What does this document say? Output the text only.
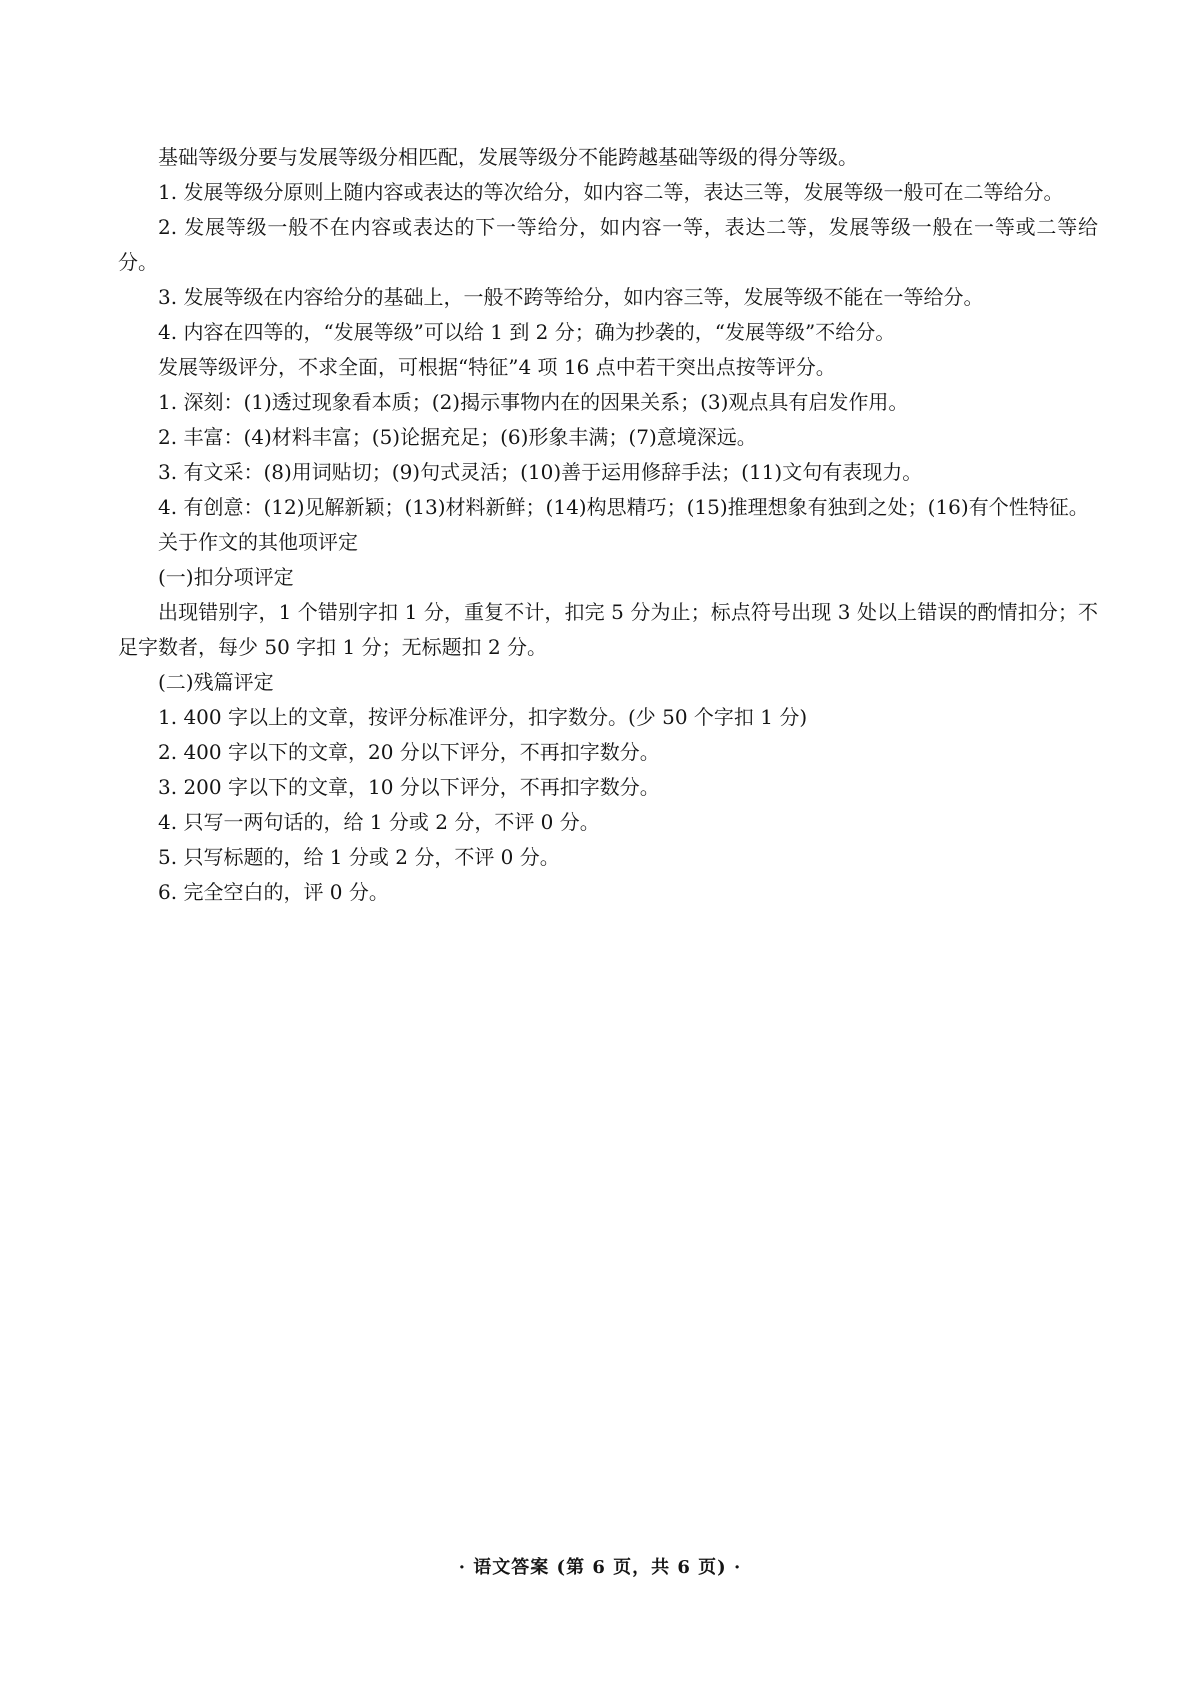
基础等级分要与发展等级分相匹配，发展等级分不能跨越基础等级的得分等级。

1. 发展等级分原则上随内容或表达的等次给分，如内容二等，表达三等，发展等级一般可在二等给分。

2. 发展等级一般不在内容或表达的下一等给分，如内容一等，表达二等，发展等级一般在一等或二等给分。

3. 发展等级在内容给分的基础上，一般不跨等给分，如内容三等，发展等级不能在一等给分。

4. 内容在四等的，“发展等级”可以给 1 到 2 分；确为抄袭的，“发展等级”不给分。

发展等级评分，不求全面，可根据“特征”4 项 16 点中若干突出点按等评分。

1. 深刻：(1)透过现象看本质；(2)揭示事物内在的因果关系；(3)观点具有启发作用。

2. 丰富：(4)材料丰富；(5)论据充足；(6)形象丰满；(7)意境深远。

3. 有文采：(8)用词贴切；(9)句式灵活；(10)善于运用修辞手法；(11)文句有表现力。

4. 有创意：(12)见解新颖；(13)材料新鲜；(14)构思精巧；(15)推理想象有独到之处；(16)有个性特征。

关于作文的其他项评定

(一)扣分项评定

出现错别字，1 个错别字扣 1 分，重复不计，扣完 5 分为止；标点符号出现 3 处以上错误的酌情扣分；不足字数者，每少 50 字扣 1 分；无标题扣 2 分。

(二)残篇评定

1. 400 字以上的文章，按评分标准评分，扣字数分。(少 50 个字扣 1 分)

2. 400 字以下的文章，20 分以下评分，不再扣字数分。

3. 200 字以下的文章，10 分以下评分，不再扣字数分。

4. 只写一两句话的，给 1 分或 2 分，不评 0 分。

5. 只写标题的，给 1 分或 2 分，不评 0 分。

6. 完全空白的，评 0 分。

· 语文答案 (第 6 页，共 6 页) ·
